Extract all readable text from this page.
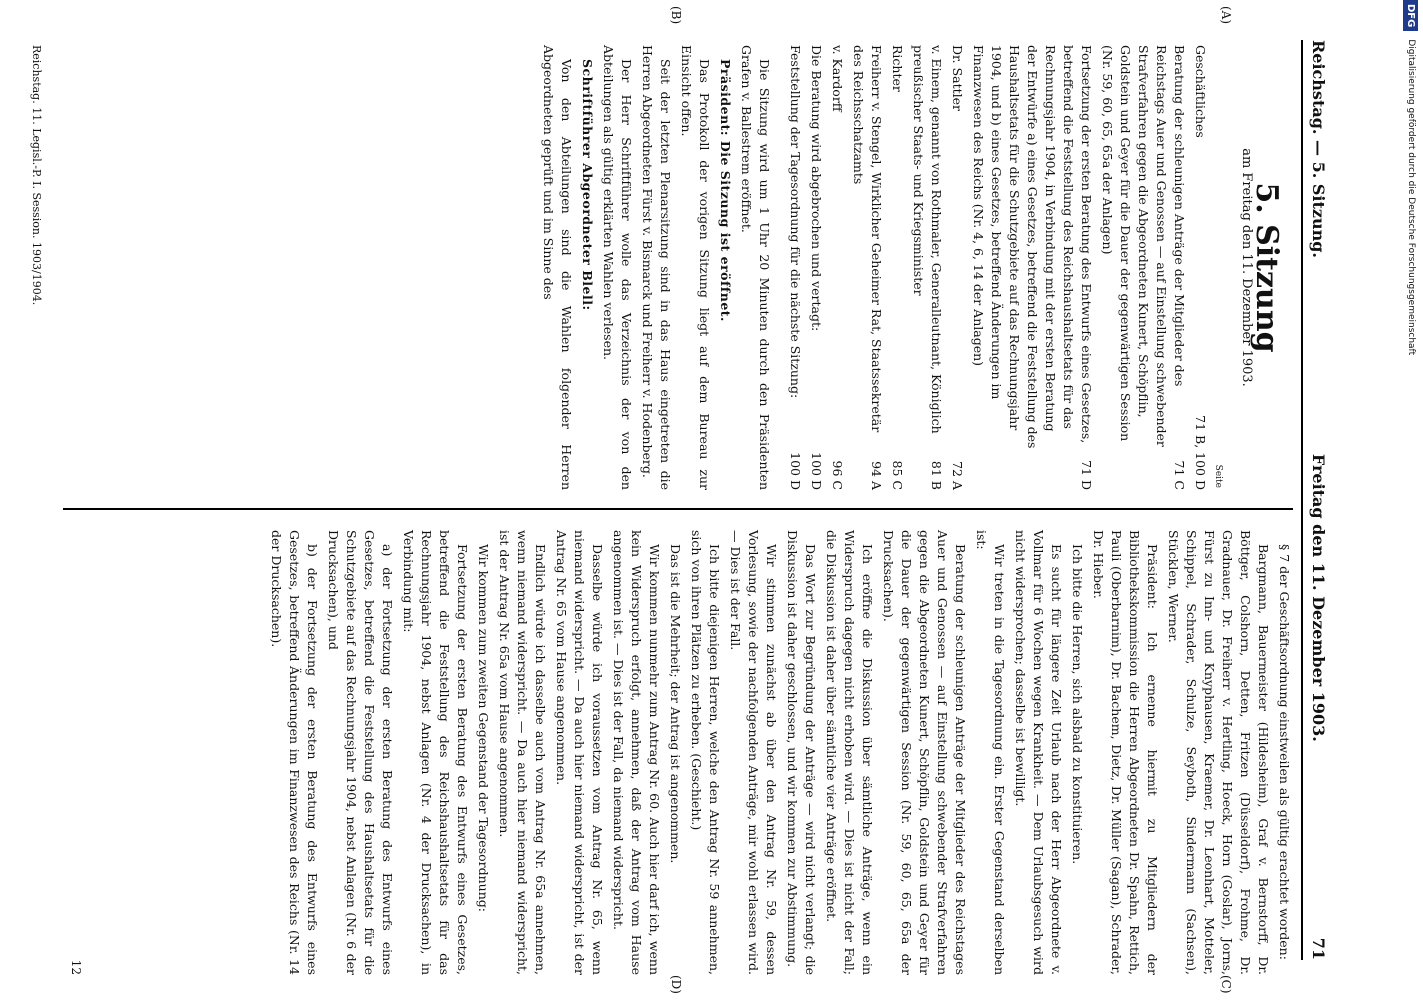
DFG
Digitalisierung gefördert durch die Deutsche Forschungsgemeinschaft
Reichstag. — 5. Sitzung.
Freitag den 11. Dezember 1903.
71
(A)
(B)
(C)
(D)
5. Sitzung
am Freitag den 11. Dezember 1903.
Seite
Geschäftliches
71 B, 100 D
Beratung der schleunigen Anträge der Mitglieder des Reichstags Auer und Genossen — auf Einstellung schwebender Strafverfahren gegen die Abgeordneten Kunert, Schöpflin, Goldstein und Geyer für die Dauer der gegenwärtigen Session (Nr. 59, 60, 65, 65a der Anlagen)
71 C
Fortsetzung der ersten Beratung des Entwurfs eines Gesetzes, betreffend die Feststellung des Reichshaushaltsetats für das Rechnungsjahr 1904, in Verbindung mit der ersten Beratung der Entwürfe a) eines Gesetzes, betreffend die Feststellung des Haushaltsetats für die Schutzgebiete auf das Rechnungsjahr 1904, und b) eines Gesetzes, betreffend Änderungen im Finanzwesen des Reichs (Nr. 4, 6, 14 der Anlagen)
71 D
Dr. Sattler
72 A
v. Einem, genannt von Rothmaler, Generalleutnant, Königlich preußischer Staats- und Kriegsminister
81 B
Richter
85 C
Freiherr v. Stengel, Wirklicher Geheimer Rat, Staatssekretär des Reichsschatzamts
94 A
v. Kardorff
96 C
Die Beratung wird abgebrochen und vertagt:
100 D
Feststellung der Tagesordnung für die nächste Sitzung:
100 D

Die Sitzung wird um 1 Uhr 20 Minuten durch den Präsidenten Grafen v. Ballestrem eröffnet.

Präsident: Die Sitzung ist eröffnet.

Das Protokoll der vorigen Sitzung liegt auf dem Bureau zur Einsicht offen.

Seit der letzten Plenarsitzung sind in das Haus eingetreten die Herren Abgeordneten Fürst v. Bismarck und Freiherr v. Hodenberg.

Der Herr Schriftführer wolle das Verzeichnis der von den Abteilungen als gültig erklärten Wahlen verlesen.

Schriftführer Abgeordneter Blell:

Von den Abteilungen sind die Wahlen folgender Herren Abgeordneten geprüft und im Sinne des

§ 7 der Geschäftsordnung einstweilen als gültig erachtet worden:

Bargmann, Bauermeister (Hildesheim), Graf v. Bernstorff, Dr. Böttger, Colshorn, Detten, Fritzen (Düsseldorf), Frohme, Dr. Gradnauer, Dr. Freiherr v. Hertling, Hoeck, Horn (Goslar), Jorns, Fürst zu Inn- und Knyphausen, Kraemer, Dr. Leonhart, Motteler, Schippel, Schrader, Schulze, Seyboth, Sindermann (Sachsen), Stücklen, Werner.

Präsident: Ich ernenne hiermit zu Mitgliedern der Bibliothekskommission die Herren Abgeordneten Dr. Spahn, Rettich, Pauli (Oberbarnim), Dr. Bachem, Dietz, Dr. Müller (Sagan), Schrader, Dr. Hieber.

Ich bitte die Herren, sich alsbald zu konstituieren.

Es sucht für längere Zeit Urlaub nach der Herr Abgeordnete v. Vollmar für 6 Wochen wegen Krankheit. — Dem Urlaubsgesuch wird nicht widersprochen; dasselbe ist bewilligt.

Wir treten in die Tagesordnung ein. Erster Gegenstand derselben ist:

Beratung der schleunigen Anträge der Mitglieder des Reichstages Auer und Genossen — auf Einstellung schwebender Strafverfahren gegen die Abgeordneten Kunert, Schöpflin, Goldstein und Geyer für die Dauer der gegenwärtigen Session (Nr. 59, 60, 65, 65a der Drucksachen).

Ich eröffne die Diskussion über sämtliche Anträge, wenn ein Widerspruch dagegen nicht erhoben wird. — Dies ist nicht der Fall; die Diskussion ist daher über sämtliche vier Anträge eröffnet.

Das Wort zur Begründung der Anträge — wird nicht verlangt; die Diskussion ist daher geschlossen, und wir kommen zur Abstimmung.

Wir stimmen zunächst ab über den Antrag Nr. 59, dessen Vorlesung, sowie der nachfolgenden Anträge, mir wohl erlassen wird. — Dies ist der Fall.

Ich bitte diejenigen Herren, welche den Antrag Nr. 59 annehmen, sich von ihren Plätzen zu erheben. (Geschieht.)

Das ist die Mehrheit; der Antrag ist angenommen.

Wir kommen nunmehr zum Antrag Nr. 60. Auch hier darf ich, wenn kein Widerspruch erfolgt, annehmen, daß der Antrag vom Hause angenommen ist. — Dies ist der Fall, da niemand widerspricht.

Dasselbe würde ich voraussetzen vom Antrag Nr. 65, wenn niemand widerspricht. — Da auch hier niemand widerspricht, ist der Antrag Nr. 65 vom Hause angenommen.

Endlich würde ich dasselbe auch vom Antrag Nr. 65a annehmen, wenn niemand widerspricht. — Da auch hier niemand widerspricht, ist der Antrag Nr. 65a vom Hause angenommen.

Wir kommen zum zweiten Gegenstand der Tagesordnung:

Fortsetzung der ersten Beratung des Entwurfs eines Gesetzes, betreffend die Feststellung des Reichshaushaltsetats für das Rechnungsjahr 1904, nebst Anlagen (Nr. 4 der Drucksachen), in Verbindung mit:

a) der Fortsetzung der ersten Beratung des Entwurfs eines Gesetzes, betreffend die Feststellung des Haushaltsetats für die Schutzgebiete auf das Rechnungsjahr 1904, nebst Anlagen (Nr. 6 der Drucksachen), und

b) der Fortsetzung der ersten Beratung des Entwurfs eines Gesetzes, betreffend Änderungen im Finanzwesen des Reichs (Nr. 14 der Drucksachen).

Reichstag. 11. Legisl.-P. I. Session. 1903/1904.
12
